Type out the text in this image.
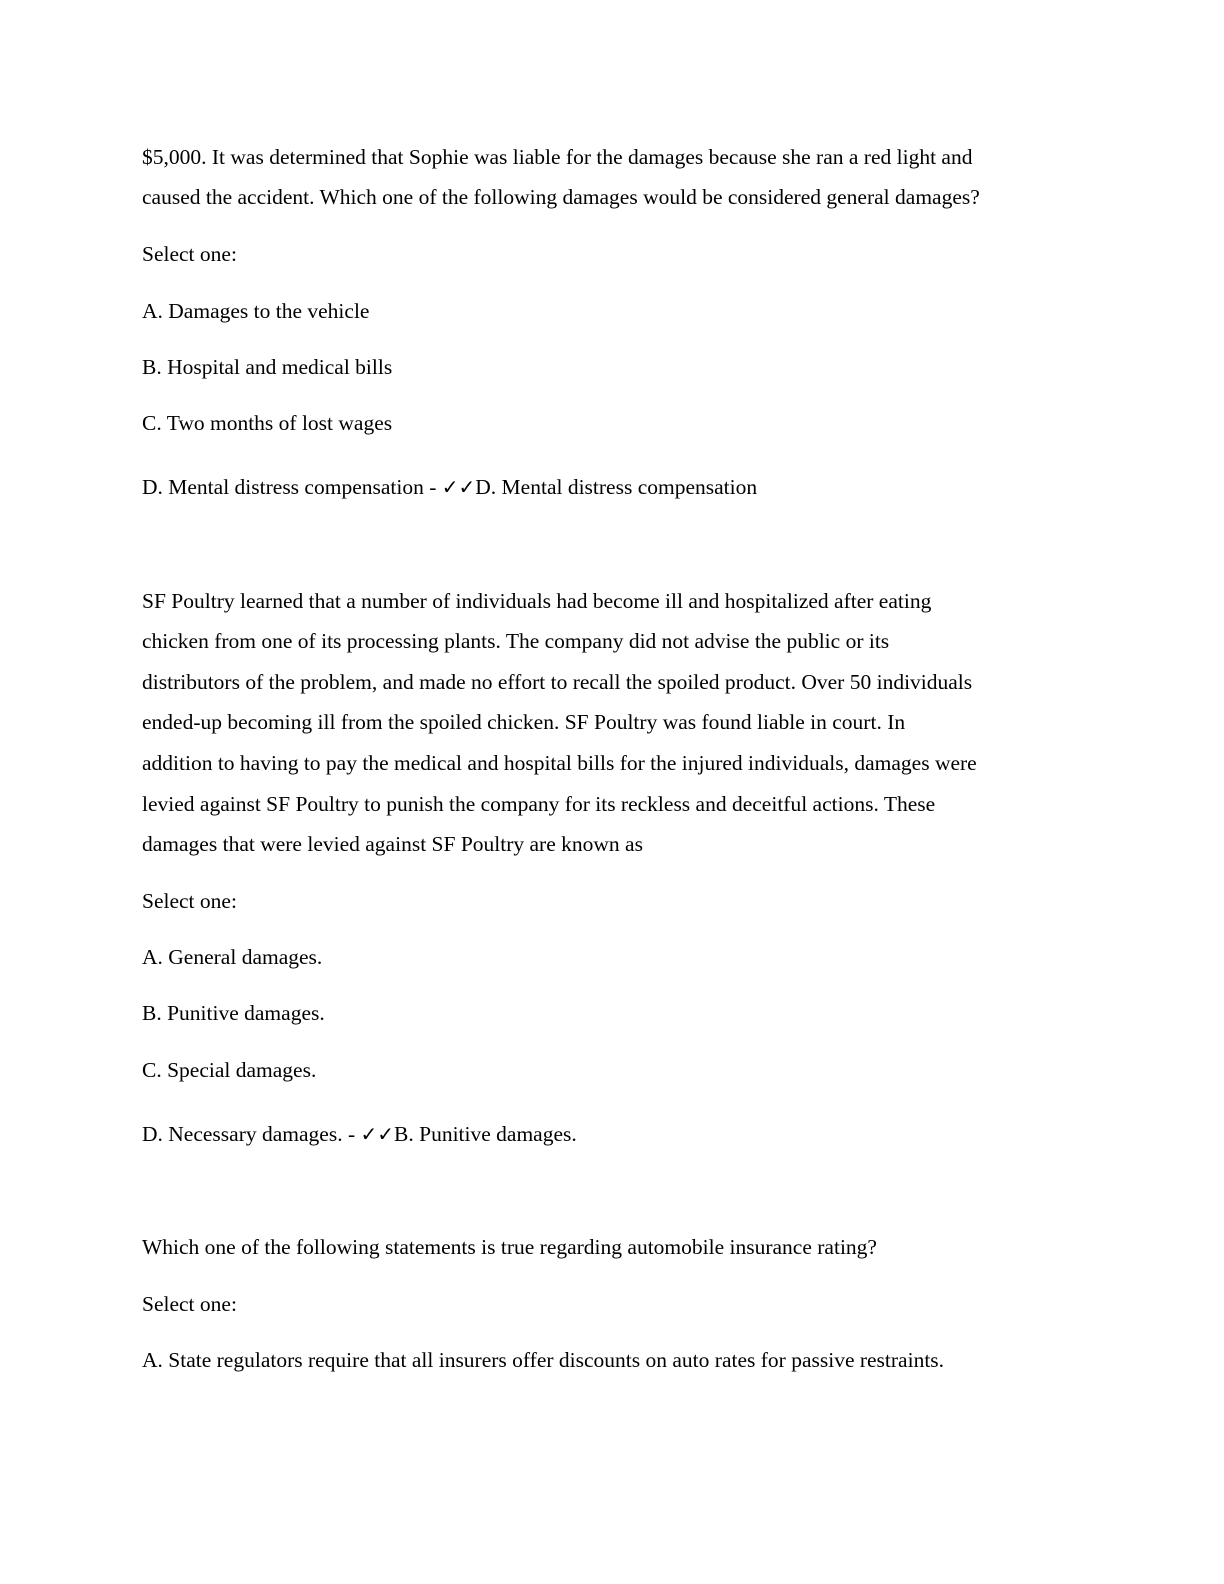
$5,000. It was determined that Sophie was liable for the damages because she ran a red light and
caused the accident. Which one of the following damages would be considered general damages?
Select one:
A. Damages to the vehicle
B. Hospital and medical bills
C. Two months of lost wages
D. Mental distress compensation - ✓✓D. Mental distress compensation
SF Poultry learned that a number of individuals had become ill and hospitalized after eating
chicken from one of its processing plants. The company did not advise the public or its
distributors of the problem, and made no effort to recall the spoiled product. Over 50 individuals
ended-up becoming ill from the spoiled chicken. SF Poultry was found liable in court. In
addition to having to pay the medical and hospital bills for the injured individuals, damages were
levied against SF Poultry to punish the company for its reckless and deceitful actions. These
damages that were levied against SF Poultry are known as
Select one:
A. General damages.
B. Punitive damages.
C. Special damages.
D. Necessary damages. - ✓✓B. Punitive damages.
Which one of the following statements is true regarding automobile insurance rating?
Select one:
A. State regulators require that all insurers offer discounts on auto rates for passive restraints.
